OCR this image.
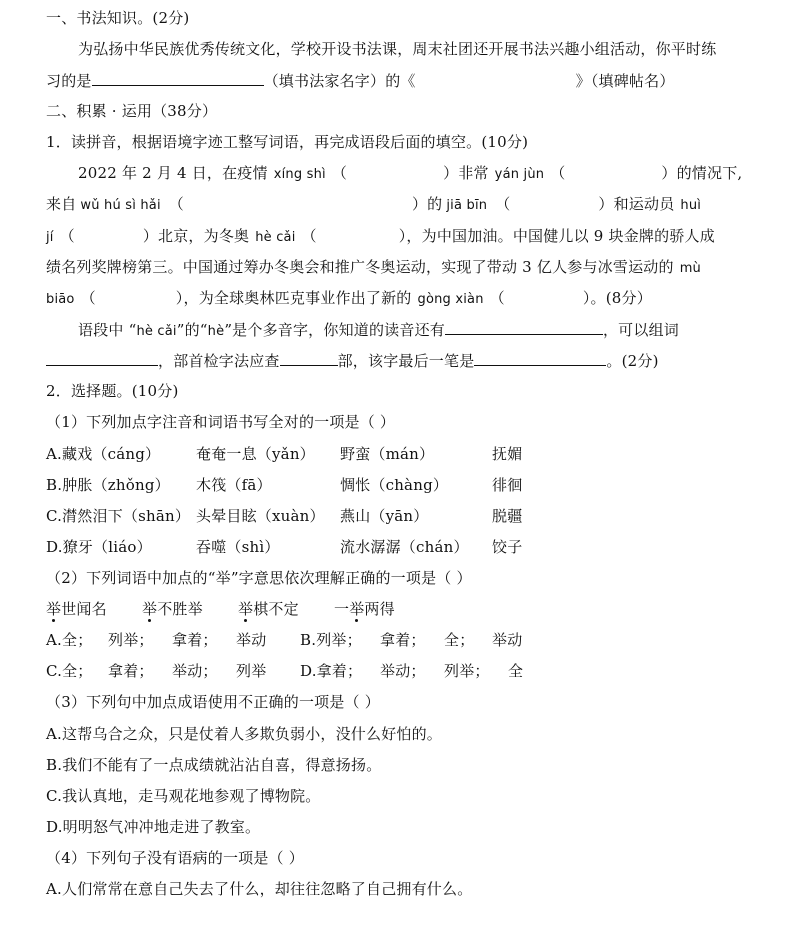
一、书法知识。(2分)
为弘扬中华民族优秀传统文化，学校开设书法课，周末社团还开展书法兴趣小组活动，你平时练
习的是	（填书法家名字）的《	》（填碑帖名）
二、积累 · 运用（38分）
1．读拼音，根据语境字迹工整写词语，再完成语段后面的填空。(10分)
2022 年 2 月 4 日，在疫情 xíng shì （	）非常 yán jùn （	）的情况下,
来自 wǔ hú sì hǎi （	）的 jiā bīn （	）和运动员 huì
jí （	）北京，为冬奥 hè cǎi （	），为中国加油。中国健儿以 9 块金牌的骄人成
绩名列奖牌榜第三。中国通过筹办冬奥会和推广冬奥运动，实现了带动 3 亿人参与冰雪运动的 mù
biāo （	），为全球奥林匹克事业作出了新的 gòng xiàn （	）。(8分）
语段中 “hè cǎi”的“hè”是个多音字，你知道的读音还有	，可以组词
，部首检字法应查	部，该字最后一笔是	。(2分)
2．选择题。(10分)
（1）下列加点字注音和词语书写全对的一项是（ ）
A.藏戏（cáng） 奄奄一息（yǎn） 野蛮（mán）	抚媚
B.肿胀（zhǒng） 木筏（fā）	惆怅（chàng）	徘徊
C.潸然泪下（shān） 头晕目眩（xuàn） 燕山（yān）	脱疆
D.獠牙（liáo）	吞噬（shì）	流水潺潺（chán） 饺子
（2）下列词语中加点的“举”字意思依次理解正确的一项是（ ）
举世闻名 举不胜举 举棋不定 一举两得
A.全； 列举； 拿着； 举动 B.列举； 拿着； 全； 举动
C.全； 拿着； 举动； 列举 D.拿着； 举动； 列举； 全
（3）下列句中加点成语使用不正确的一项是（ ）
A.这帮乌合之众，只是仗着人多欺负弱小，没什么好怕的。
B.我们不能有了一点成绩就沾沾自喜，得意扬扬。
C.我认真地，走马观花地参观了博物院。
D.明明怒气冲冲地走进了教室。
（4）下列句子没有语病的一项是（ ）
A.人们常常在意自己失去了什么，却往往忽略了自己拥有什么。
